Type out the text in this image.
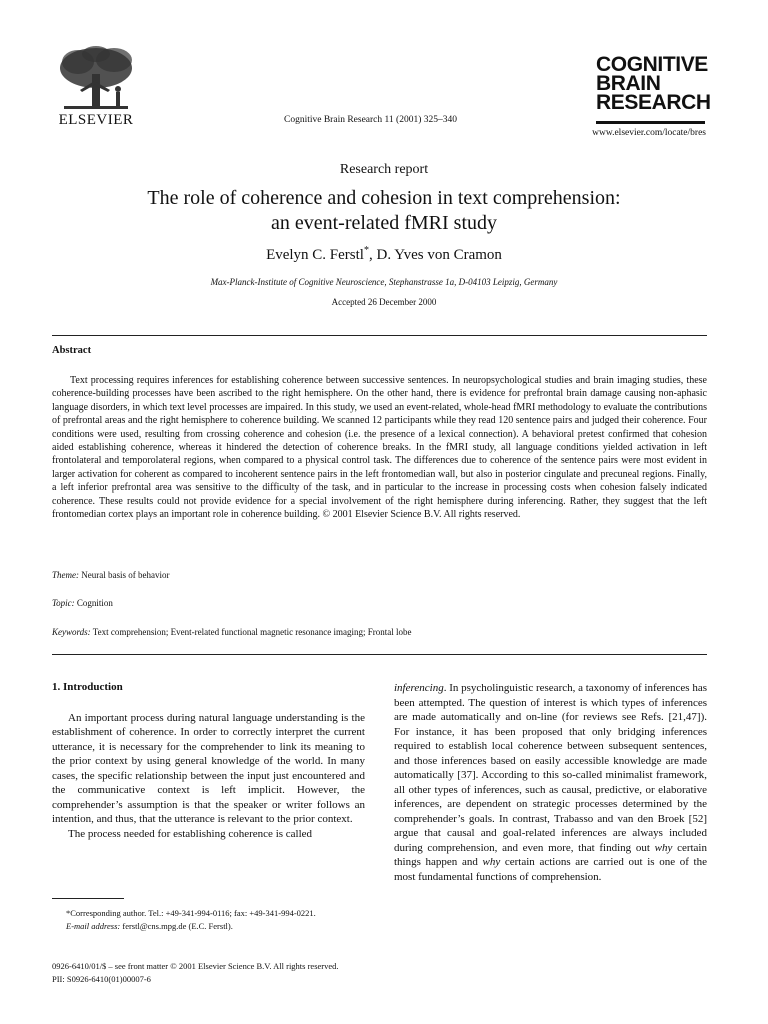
ELSEVIER	Cognitive Brain Research 11 (2001) 325–340
COGNITIVE
BRAIN
RESEARCH
www.elsevier.com/locate/bres
Research report
The role of coherence and cohesion in text comprehension:
an event-related fMRI study
Evelyn C. Ferstl*, D. Yves von Cramon
Max-Planck-Institute of Cognitive Neuroscience, Stephanstrasse 1a, D-04103 Leipzig, Germany
Accepted 26 December 2000
Abstract
Text processing requires inferences for establishing coherence between successive sentences. In neuropsychological studies and brain imaging studies, these coherence-building processes have been ascribed to the right hemisphere. On the other hand, there is evidence for prefrontal brain damage causing non-aphasic language disorders, in which text level processes are impaired. In this study, we used an event-related, whole-head fMRI methodology to evaluate the contributions of prefrontal areas and the right hemisphere to coherence building. We scanned 12 participants while they read 120 sentence pairs and judged their coherence. Four conditions were used, resulting from crossing coherence and cohesion (i.e. the presence of a lexical connection). A behavioral pretest confirmed that cohesion aided establishing coherence, whereas it hindered the detection of coherence breaks. In the fMRI study, all language conditions yielded activation in left frontolateral and temporolateral regions, when compared to a physical control task. The differences due to coherence of the sentence pairs were most evident in larger activation for coherent as compared to incoherent sentence pairs in the left frontomedian wall, but also in posterior cingulate and precuneal regions. Finally, a left inferior prefrontal area was sensitive to the difficulty of the task, and in particular to the increase in processing costs when cohesion falsely indicated coherence. These results could not provide evidence for a special involvement of the right hemisphere during inferencing. Rather, they suggest that the left frontomedian cortex plays an important role in coherence building. © 2001 Elsevier Science B.V. All rights reserved.
Theme: Neural basis of behavior
Topic: Cognition
Keywords: Text comprehension; Event-related functional magnetic resonance imaging; Frontal lobe
1. Introduction

An important process during natural language understanding is the establishment of coherence. In order to correctly interpret the current utterance, it is necessary for the comprehender to link its meaning to the prior context by using general knowledge of the world. In many cases, the specific relationship between the input just encountered and the communicative context is left implicit. However, the comprehender’s assumption is that the speaker or writer follows an intention, and thus, that the utterance is relevant to the prior context.

The process needed for establishing coherence is called

inferencing. In psycholinguistic research, a taxonomy of inferences has been attempted. The question of interest is which types of inferences are made automatically and on-line (for reviews see Refs. [21,47]). For instance, it has been proposed that only bridging inferences required to establish local coherence between subsequent sentences, and those inferences based on easily accessible knowledge are made automatically [37]. According to this so-called minimalist framework, all other types of inferences, such as causal, predictive, or elaborative inferences, are dependent on strategic processes determined by the comprehender’s goals. In contrast, Trabasso and van den Broek [52] argue that causal and goal-related inferences are always included during comprehension, and even more, that finding out why certain things happen and why certain actions are carried out is one of the most fundamental functions of comprehension.

*Corresponding author. Tel.: +49-341-994-0116; fax: +49-341-994-0221.
E-mail address: ferstl@cns.mpg.de (E.C. Ferstl).
0926-6410/01/$ – see front matter © 2001 Elsevier Science B.V. All rights reserved.
PII: S0926-6410(01)00007-6
